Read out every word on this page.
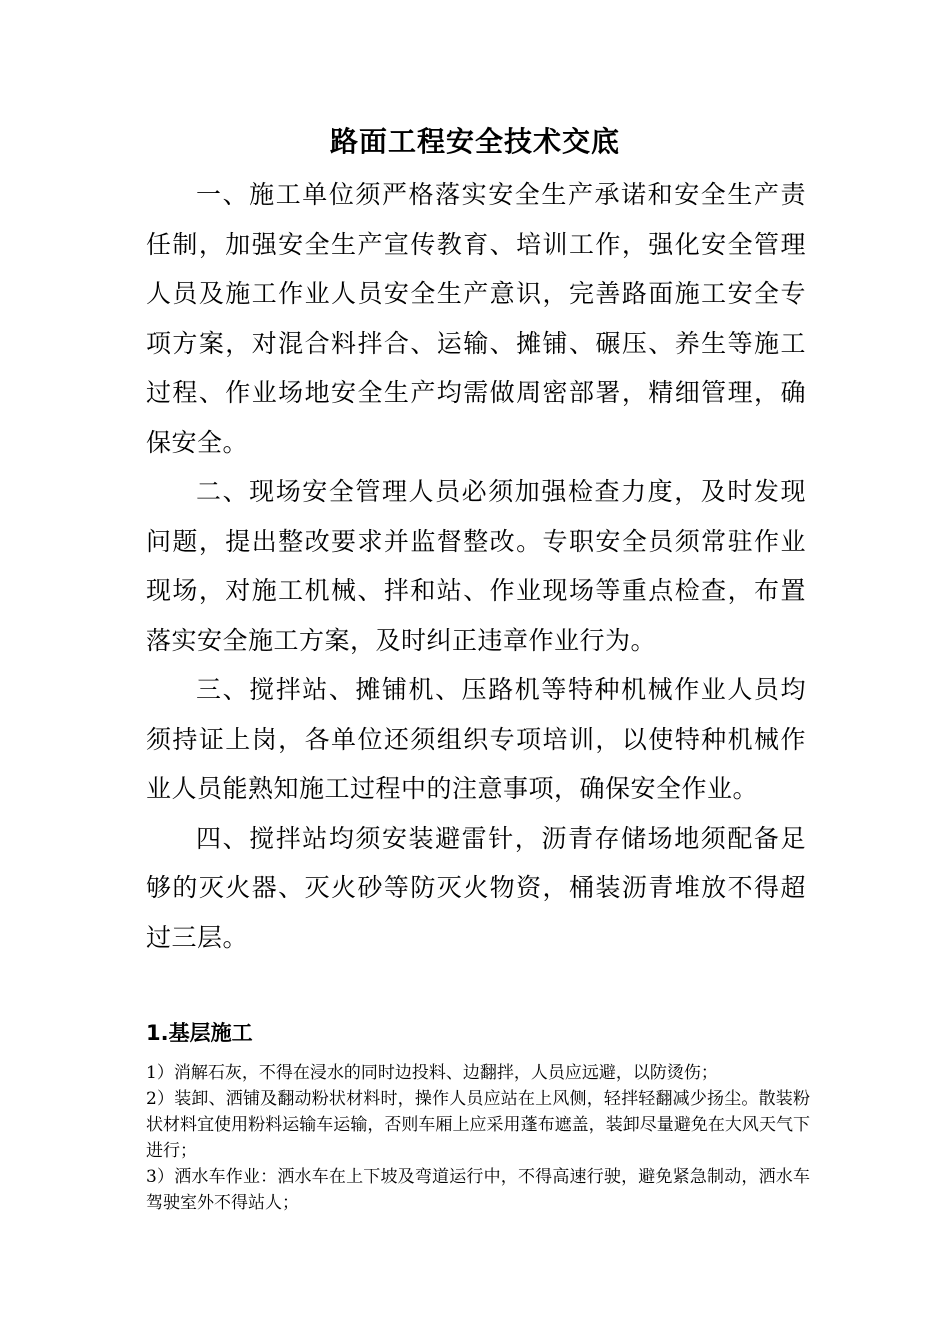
路面工程安全技术交底

一、施工单位须严格落实安全生产承诺和安全生产责任制，加强安全生产宣传教育、培训工作，强化安全管理人员及施工作业人员安全生产意识，完善路面施工安全专项方案，对混合料拌合、运输、摊铺、碾压、养生等施工过程、作业场地安全生产均需做周密部署，精细管理，确保安全。

二、现场安全管理人员必须加强检查力度，及时发现问题，提出整改要求并监督整改。专职安全员须常驻作业现场，对施工机械、拌和站、作业现场等重点检查，布置落实安全施工方案，及时纠正违章作业行为。

三、搅拌站、摊铺机、压路机等特种机械作业人员均须持证上岗，各单位还须组织专项培训，以使特种机械作业人员能熟知施工过程中的注意事项，确保安全作业。

四、搅拌站均须安装避雷针，沥青存储场地须配备足够的灭火器、灭火砂等防灭火物资，桶装沥青堆放不得超过三层。

1.基层施工

1）消解石灰，不得在浸水的同时边投料、边翻拌，人员应远避，以防烫伤；

2）装卸、洒铺及翻动粉状材料时，操作人员应站在上风侧，轻拌轻翻减少扬尘。散装粉状材料宜使用粉料运输车运输，否则车厢上应采用蓬布遮盖，装卸尽量避免在大风天气下进行；

3）洒水车作业：洒水车在上下坡及弯道运行中，不得高速行驶，避免紧急制动，洒水车驾驶室外不得站人；
